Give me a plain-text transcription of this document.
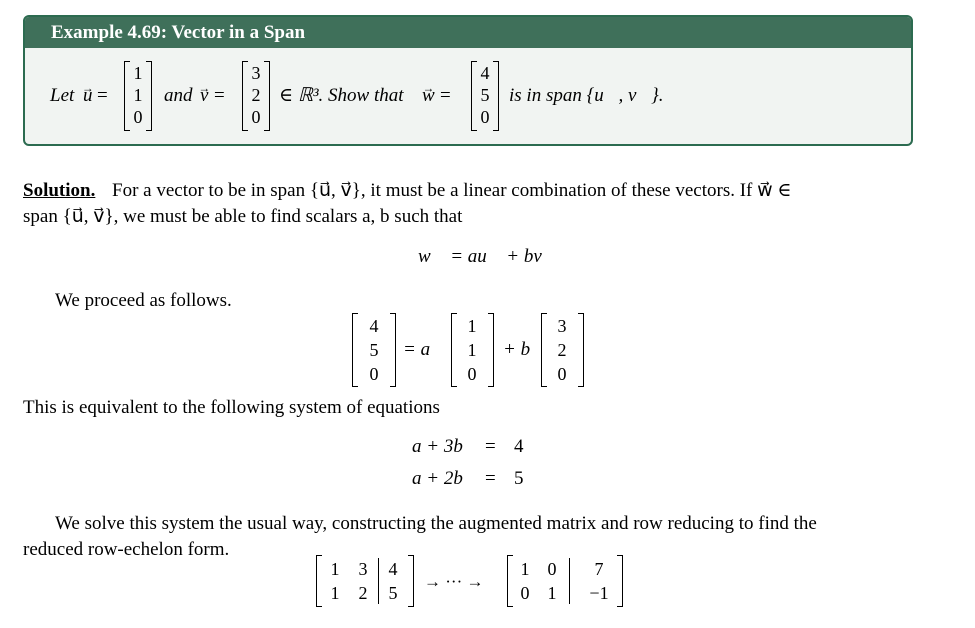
Example 4.69: Vector in a Span
Let u → =
1
1
0
and v → =
3
2
0
∈ ℝ³. Show that w → =
4
5
0
is in span {u⃗, v⃗}.
Solution. For a vector to be in span {u⃗, v⃗}, it must be a linear combination of these vectors. If w⃗ ∈
span {u⃗, v⃗}, we must be able to find scalars a, b such that
w⃗ = au⃗ + bv⃗
We proceed as follows.
4
5
0
= a
1
1
0
+ b
3
2
0
This is equivalent to the following system of equations
a + 3b = 4
a + 2b = 5
We solve this system the usual way, constructing the augmented matrix and row reducing to find the
reduced row-echelon form.
1 3 4
1 2 5
→ ··· →
1 0	7
0 1	−1
